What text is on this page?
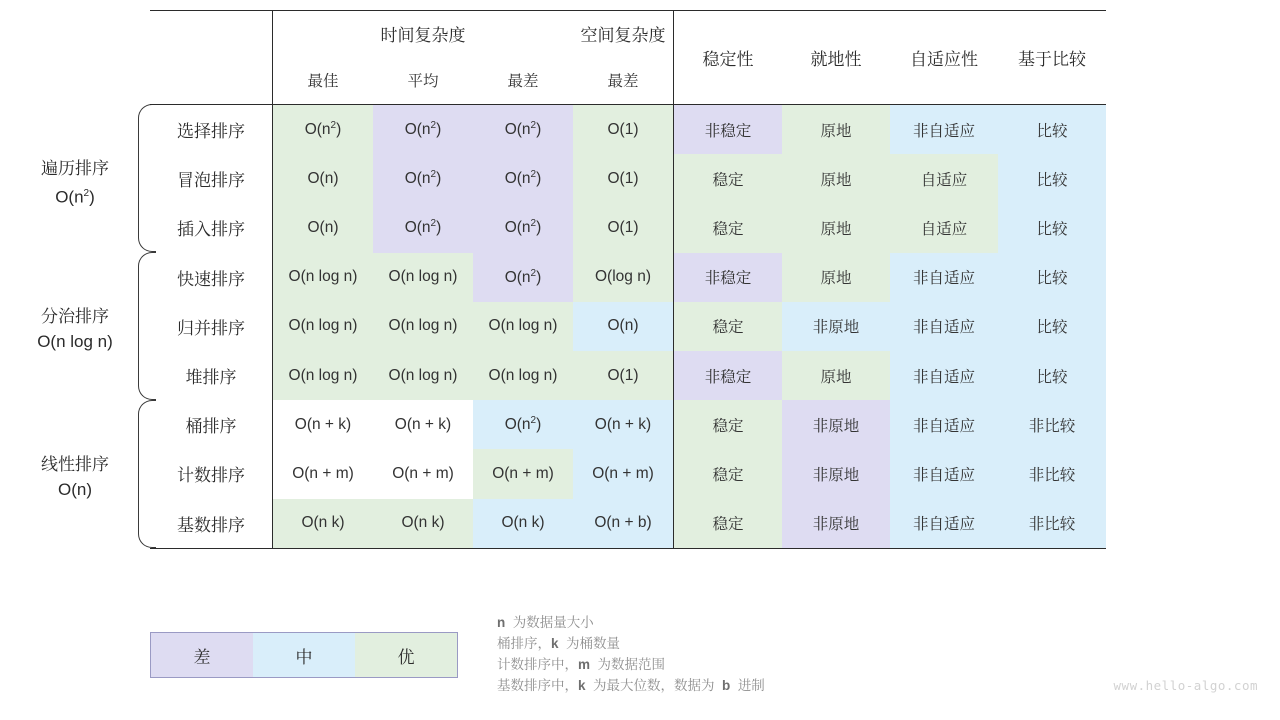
遍历排序
$O(n^2)$
分治排序
O(n log n)
线性排序
O(n)
	时间复杂度			空间复杂度	稳定性	就地性	自适应性	基于比较
	最佳	平均	最差	最差				
选择排序	$O(n^2)$	$O(n^2)$	$O(n^2)$	O(1)	非稳定	原地	非自适应	比较
冒泡排序	O(n)	$O(n^2)$	$O(n^2)$	O(1)	稳定	原地	自适应	比较
插入排序	O(n)	$O(n^2)$	$O(n^2)$	O(1)	稳定	原地	自适应	比较
快速排序	O(n log n)	O(n log n)	$O(n^2)$	O(log n)	非稳定	原地	非自适应	比较
归并排序	O(n log n)	O(n log n)	O(n log n)	O(n)	稳定	非原地	非自适应	比较
堆排序	O(n log n)	O(n log n)	O(n log n)	O(1)	非稳定	原地	非自适应	比较
桶排序	O(n + k)	O(n + k)	$O(n^2)$	O(n + k)	稳定	非原地	非自适应	非比较
计数排序	O(n + m)	O(n + m)	O(n + m)	O(n + m)	稳定	非原地	非自适应	非比较
基数排序	O(n k)	O(n k)	O(n k)	O(n + b)	稳定	非原地	非自适应	非比较
差	中	优
n 为数据量大小
桶排序，k 为桶数量
计数排序中，m 为数据范围
基数排序中，k 为最大位数，数据为 b 进制	www.hello-algo.com
